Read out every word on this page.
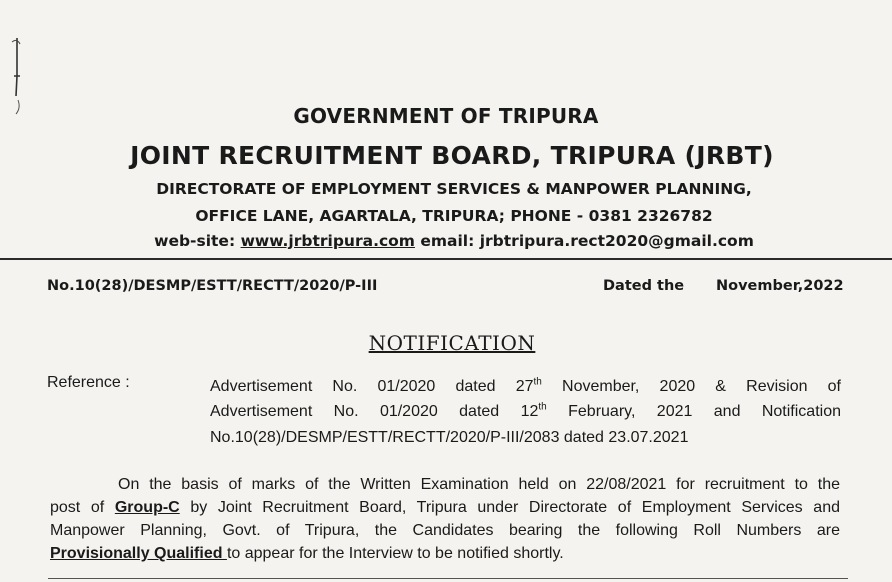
GOVERNMENT OF TRIPURA
JOINT RECRUITMENT BOARD, TRIPURA (JRBT)
DIRECTORATE OF EMPLOYMENT SERVICES & MANPOWER PLANNING,
OFFICE LANE, AGARTALA, TRIPURA; PHONE - 0381 2326782
web-site: www.jrbtripura.com email: jrbtripura.rect2020@gmail.com
No.10(28)/DESMP/ESTT/RECTT/2020/P-III	Dated the November,2022
NOTIFICATION
Reference :	Advertisement No. 01/2020 dated 27th November, 2020 & Revision of
Advertisement No. 01/2020 dated 12th February, 2021 and Notification
No.10(28)/DESMP/ESTT/RECTT/2020/P-III/2083 dated 23.07.2021
On the basis of marks of the Written Examination held on 22/08/2021 for recruitment to the
post of Group-C by Joint Recruitment Board, Tripura under Directorate of Employment Services and
Manpower Planning, Govt. of Tripura, the Candidates bearing the following Roll Numbers are
Provisionally Qualified to appear for the Interview to be notified shortly.
